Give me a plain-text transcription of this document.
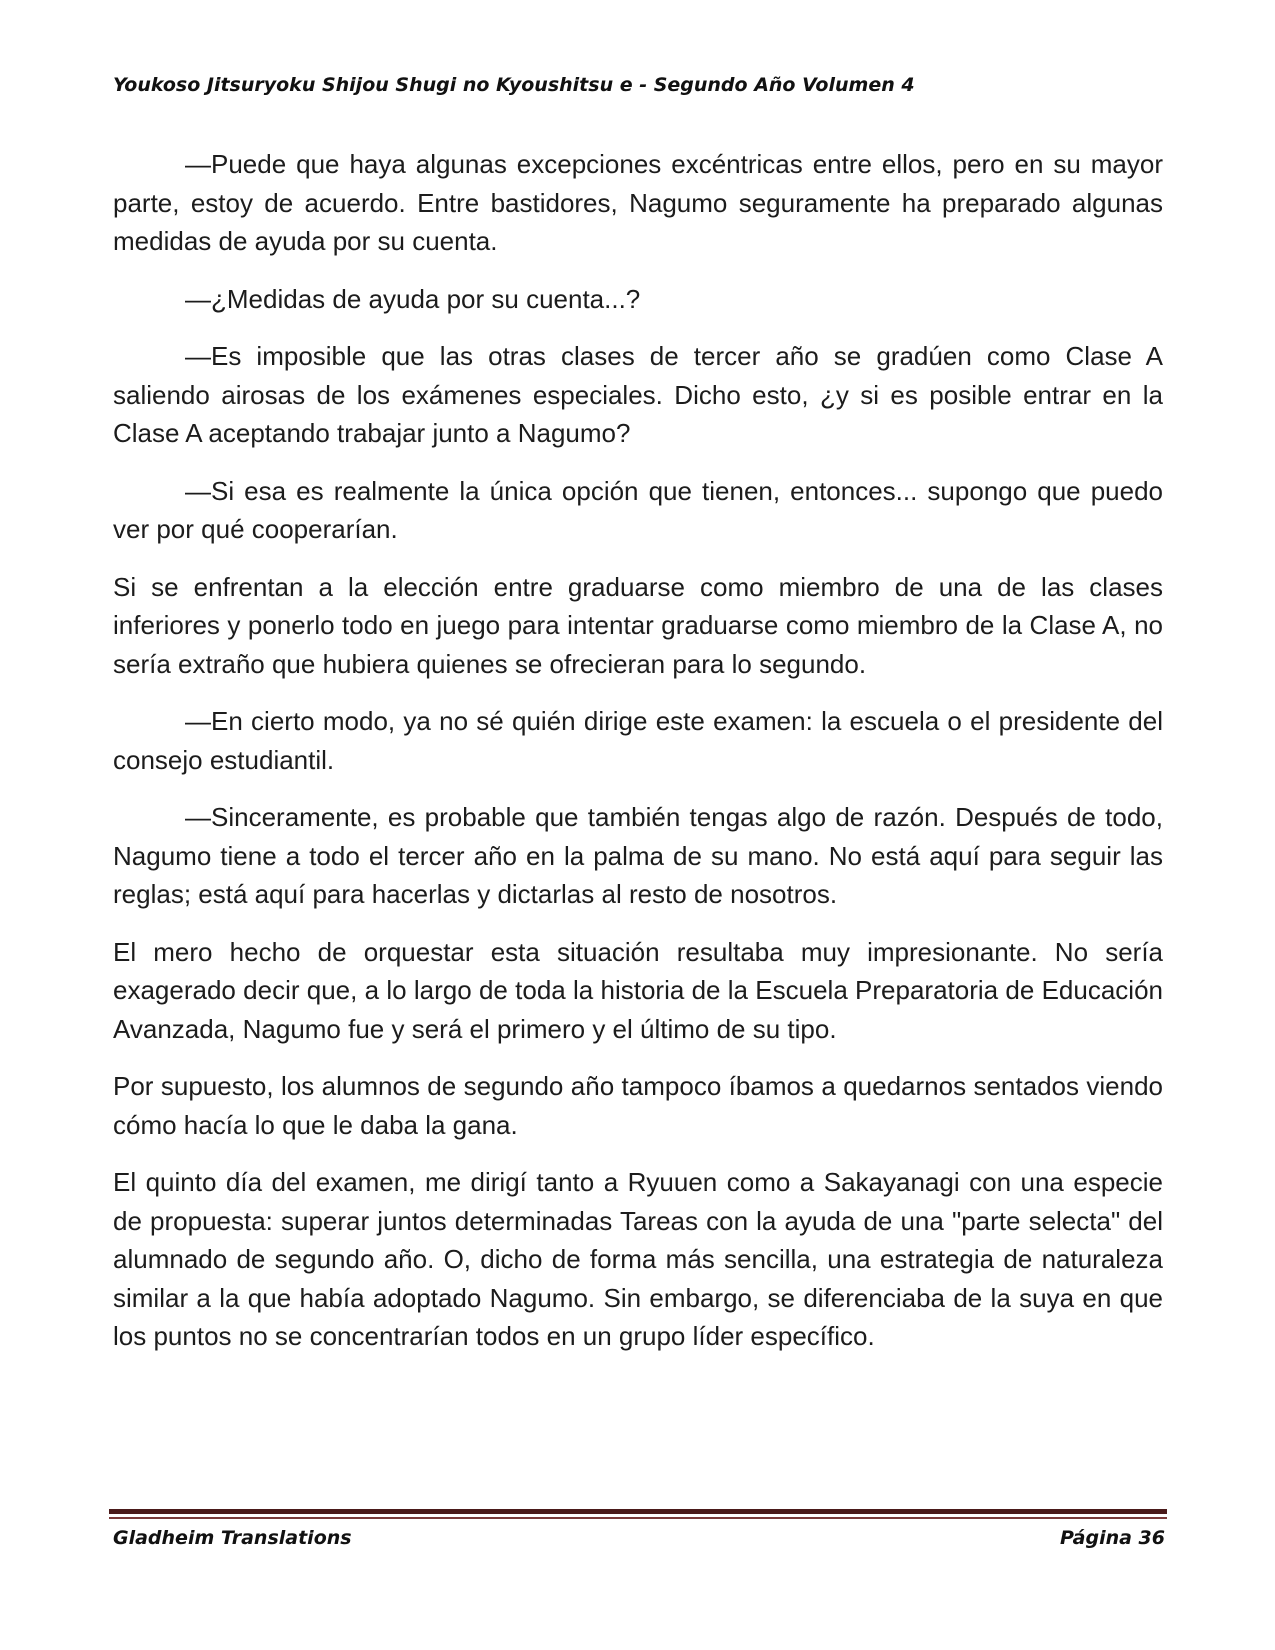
Youkoso Jitsuryoku Shijou Shugi no Kyoushitsu e - Segundo Año Volumen 4

—Puede que haya algunas excepciones excéntricas entre ellos, pero en su mayor parte, estoy de acuerdo. Entre bastidores, Nagumo seguramente ha preparado algunas medidas de ayuda por su cuenta.

—¿Medidas de ayuda por su cuenta...?

—Es imposible que las otras clases de tercer año se gradúen como Clase A saliendo airosas de los exámenes especiales. Dicho esto, ¿y si es posible entrar en la Clase A aceptando trabajar junto a Nagumo?

—Si esa es realmente la única opción que tienen, entonces... supongo que puedo ver por qué cooperarían.

Si se enfrentan a la elección entre graduarse como miembro de una de las clases inferiores y ponerlo todo en juego para intentar graduarse como miembro de la Clase A, no sería extraño que hubiera quienes se ofrecieran para lo segundo.

—En cierto modo, ya no sé quién dirige este examen: la escuela o el presidente del consejo estudiantil.

—Sinceramente, es probable que también tengas algo de razón. Después de todo, Nagumo tiene a todo el tercer año en la palma de su mano. No está aquí para seguir las reglas; está aquí para hacerlas y dictarlas al resto de nosotros.

El mero hecho de orquestar esta situación resultaba muy impresionante. No sería exagerado decir que, a lo largo de toda la historia de la Escuela Preparatoria de Educación Avanzada, Nagumo fue y será el primero y el último de su tipo.

Por supuesto, los alumnos de segundo año tampoco íbamos a quedarnos sentados viendo cómo hacía lo que le daba la gana.

El quinto día del examen, me dirigí tanto a Ryuuen como a Sakayanagi con una especie de propuesta: superar juntos determinadas Tareas con la ayuda de una "parte selecta" del alumnado de segundo año. O, dicho de forma más sencilla, una estrategia de naturaleza similar a la que había adoptado Nagumo. Sin embargo, se diferenciaba de la suya en que los puntos no se concentrarían todos en un grupo líder específico.

Gladheim Translations	Página 36
